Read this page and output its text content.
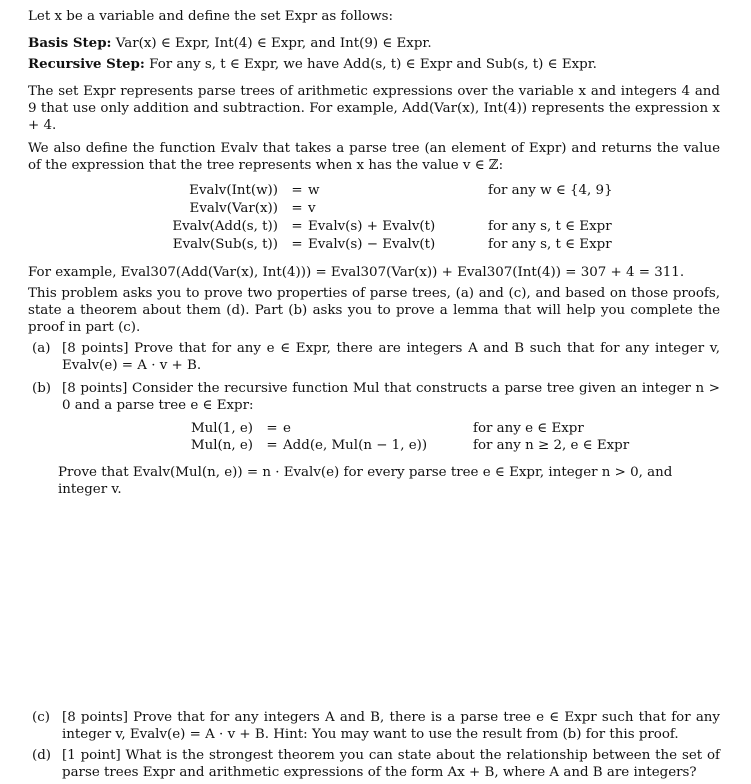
Let x be a variable and define the set Expr as follows:

Basis Step: Var(x) ∈ Expr, Int(4) ∈ Expr, and Int(9) ∈ Expr.

Recursive Step: For any s, t ∈ Expr, we have Add(s, t) ∈ Expr and Sub(s, t) ∈ Expr.

The set Expr represents parse trees of arithmetic expressions over the variable x and integers 4 and 9 that use only addition and subtraction. For example, Add(Var(x), Int(4)) represents the expression x + 4.

We also define the function Evalv that takes a parse tree (an element of Expr) and returns the value of the expression that the tree represents when x has the value v ∈ ℤ:

Evalv(Int(w))	=	w	for any w ∈ {4, 9}
Evalv(Var(x))	=	v	
Evalv(Add(s, t))	=	Evalv(s) + Evalv(t)	for any s, t ∈ Expr
Evalv(Sub(s, t))	=	Evalv(s) − Evalv(t)	for any s, t ∈ Expr

For example, Eval307(Add(Var(x), Int(4))) = Eval307(Var(x)) + Eval307(Int(4)) = 307 + 4 = 311.

This problem asks you to prove two properties of parse trees, (a) and (c), and based on those proofs, state a theorem about them (d). Part (b) asks you to prove a lemma that will help you complete the proof in part (c).

(a) [8 points] Prove that for any e ∈ Expr, there are integers A and B such that for any integer v, Evalv(e) = A · v + B.
(b) [8 points] Consider the recursive function Mul that constructs a parse tree given an integer n > 0 and a parse tree e ∈ Expr:
Mul(1, e)	=	e	for any e ∈ Expr
Mul(n, e)	=	Add(e, Mul(n − 1, e))	for any n ≥ 2, e ∈ Expr

Prove that Evalv(Mul(n, e)) = n · Evalv(e) for every parse tree e ∈ Expr, integer n > 0, and integer v.

(c) [8 points] Prove that for any integers A and B, there is a parse tree e ∈ Expr such that for any integer v, Evalv(e) = A · v + B. Hint: You may want to use the result from (b) for this proof.
(d) [1 point] What is the strongest theorem you can state about the relationship between the set of parse trees Expr and arithmetic expressions of the form Ax + B, where A and B are integers?
